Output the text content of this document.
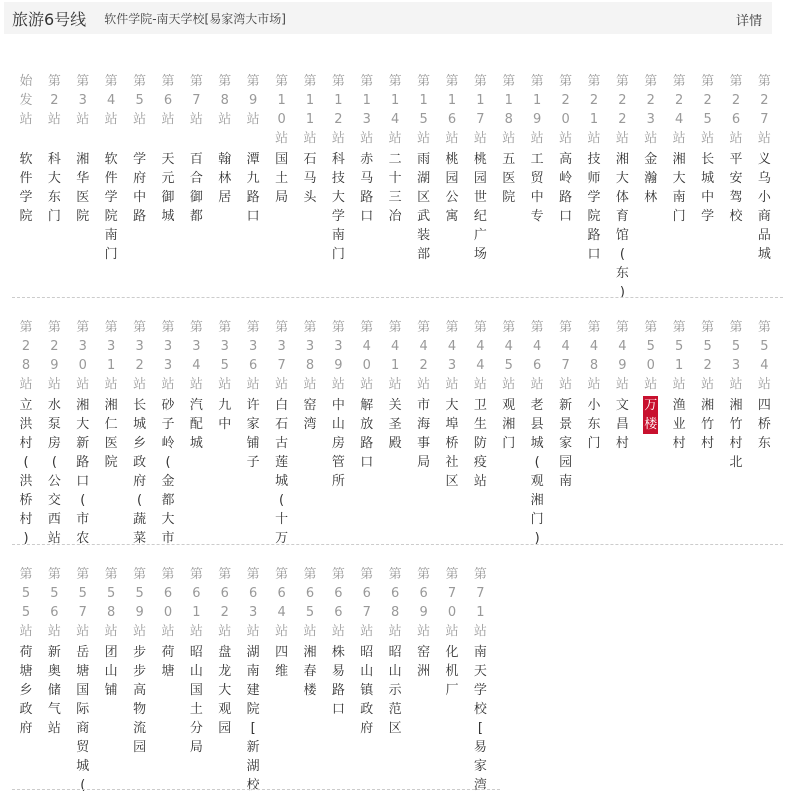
旅游6号线 软件学院-南天学校[易家湾大市场]	详情
始
发
站
软
件
学
院
第
2
站
科
大
东
门
第
3
站
湘
华
医
院
第
4
站
软
件
学
院
南
门
第
5
站
学
府
中
路
第
6
站
天
元
御
城
第
7
站
百
合
御
都
第
8
站
翰
林
居
第
9
站
潭
九
路
口
第
1
0
站
国
土
局
第
1
1
站
石
马
头
第
1
2
站
科
技
大
学
南
门
第
1
3
站
赤
马
路
口
第
1
4
站
二
十
三
冶
第
1
5
站
雨
湖
区
武
装
部
第
1
6
站
桃
园
公
寓
第
1
7
站
桃
园
世
纪
广
场
第
1
8
站
五
医
院
第
1
9
站
工
贸
中
专
第
2
0
站
高
岭
路
口
第
2
1
站
技
师
学
院
路
口
第
2
2
站
湘
大
体
育
馆
(
东
)
第
2
3
站
金
瀚
林
第
2
4
站
湘
大
南
门
第
2
5
站
长
城
中
学
第
2
6
站
平
安
驾
校
第
2
7
站
义
乌
小
商
品
城
第
2
8
站
立
洪
村
(
洪
桥
村
)
第
2
9
站
水
泵
房
(
公
交
西
站
第
3
0
站
湘
大
新
路
口
(
市
农
第
3
1
站
湘
仁
医
院
第
3
2
站
长
城
乡
政
府
(
蔬
菜
第
3
3
站
砂
子
岭
(
金
都
大
市
第
3
4
站
汽
配
城
第
3
5
站
九
中
第
3
6
站
许
家
铺
子
第
3
7
站
白
石
古
莲
城
(
十
万
第
3
8
站
窑
湾
第
3
9
站
中
山
房
管
所
第
4
0
站
解
放
路
口
第
4
1
站
关
圣
殿
第
4
2
站
市
海
事
局
第
4
3
站
大
埠
桥
社
区
第
4
4
站
卫
生
防
疫
站
第
4
5
站
观
湘
门
第
4
6
站
老
县
城
(
观
湘
门
)
第
4
7
站
新
景
家
园
南
第
4
8
站
小
东
门
第
4
9
站
文
昌
村
第
5
0
站
万
楼
第
5
1
站
渔
业
村
第
5
2
站
湘
竹
村
第
5
3
站
湘
竹
村
北
第
5
4
站
四
桥
东
第
5
5
站
荷
塘
乡
政
府
第
5
6
站
新
奥
储
气
站
第
5
7
站
岳
塘
国
际
商
贸
城
(
第
5
8
站
团
山
铺
第
5
9
站
步
步
高
物
流
园
第
6
0
站
荷
塘
第
6
1
站
昭
山
国
土
分
局
第
6
2
站
盘
龙
大
观
园
第
6
3
站
湖
南
建
院
[
新
湖
校
第
6
4
站
四
维
第
6
5
站
湘
春
楼
第
6
6
站
株
易
路
口
第
6
7
站
昭
山
镇
政
府
第
6
8
站
昭
山
示
范
区
第
6
9
站
窑
洲
第
7
0
站
化
机
厂
第
7
1
站
南
天
学
校
[
易
家
湾
